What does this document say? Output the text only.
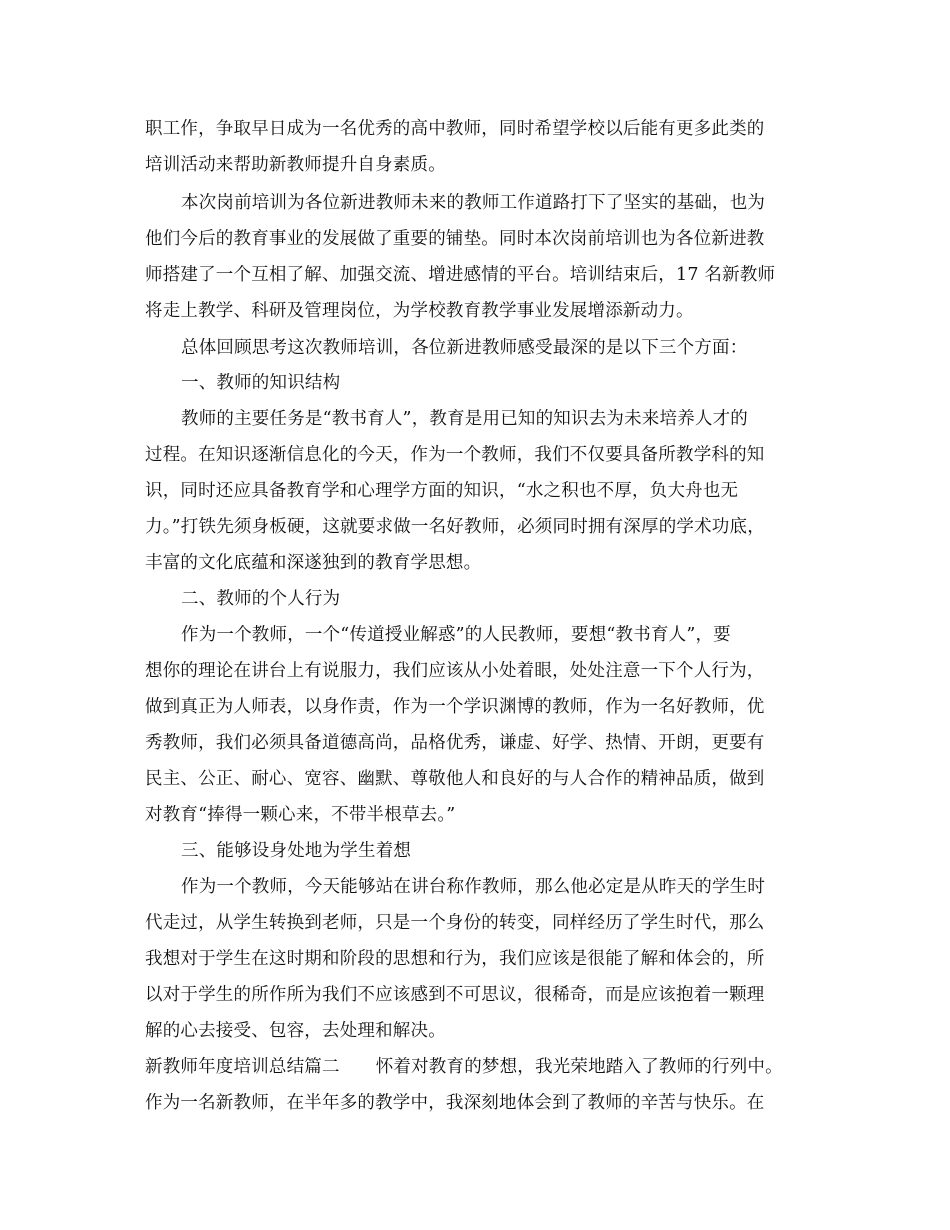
职工作，争取早日成为一名优秀的高中教师，同时希望学校以后能有更多此类的
培训活动来帮助新教师提升自身素质。
本次岗前培训为各位新进教师未来的教师工作道路打下了坚实的基础，也为
他们今后的教育事业的发展做了重要的铺垫。同时本次岗前培训也为各位新进教
师搭建了一个互相了解、加强交流、增进感情的平台。培训结束后，17 名新教师
将走上教学、科研及管理岗位，为学校教育教学事业发展增添新动力。
总体回顾思考这次教师培训，各位新进教师感受最深的是以下三个方面：
一、教师的知识结构
教师的主要任务是“教书育人”，教育是用已知的知识去为未来培养人才的
过程。在知识逐渐信息化的今天，作为一个教师，我们不仅要具备所教学科的知
识，同时还应具备教育学和心理学方面的知识，“水之积也不厚，负大舟也无
力。”打铁先须身板硬，这就要求做一名好教师，必须同时拥有深厚的学术功底，
丰富的文化底蕴和深遂独到的教育学思想。
二、教师的个人行为
作为一个教师，一个“传道授业解惑”的人民教师，要想“教书育人”，要
想你的理论在讲台上有说服力，我们应该从小处着眼，处处注意一下个人行为，
做到真正为人师表，以身作责，作为一个学识渊博的教师，作为一名好教师，优
秀教师，我们必须具备道德高尚，品格优秀，谦虚、好学、热情、开朗，更要有
民主、公正、耐心、宽容、幽默、尊敬他人和良好的与人合作的精神品质，做到
对教育“捧得一颗心来，不带半根草去。”
三、能够设身处地为学生着想
作为一个教师，今天能够站在讲台称作教师，那么他必定是从昨天的学生时
代走过，从学生转换到老师，只是一个身份的转变，同样经历了学生时代，那么
我想对于学生在这时期和阶段的思想和行为，我们应该是很能了解和体会的，所
以对于学生的所作所为我们不应该感到不可思议，很稀奇，而是应该抱着一颗理
解的心去接受、包容，去处理和解决。
新教师年度培训总结篇二 怀着对教育的梦想，我光荣地踏入了教师的行列中。
作为一名新教师，在半年多的教学中，我深刻地体会到了教师的辛苦与快乐。在
